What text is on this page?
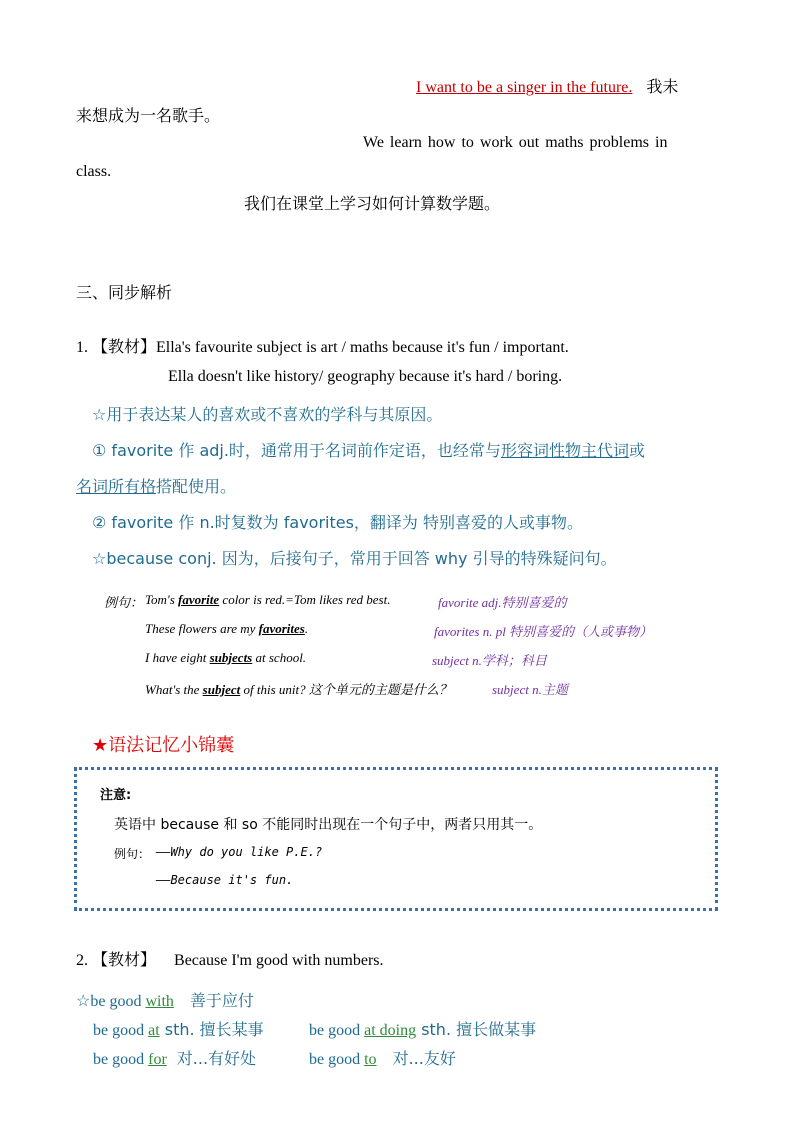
I want to be a singer in the future. 我未
来想成为一名歌手。
We learn how to work out maths problems in
class.
我们在课堂上学习如何计算数学题。
三、同步解析
1. 【教材】Ella's favourite subject is art / maths because it's fun / important.
Ella doesn't like history/ geography because it's hard / boring.
☆用于表达某人的喜欢或不喜欢的学科与其原因。
① favorite 作 adj.时，通常用于名词前作定语，也经常与形容词性物主代词或
名词所有格搭配使用。
② favorite 作 n.时复数为 favorites，翻译为 特别喜爱的人或事物。
☆because conj. 因为，后接句子，常用于回答 why 引导的特殊疑问句。
例句： Tom's favorite color is red.=Tom likes red best.	favorite adj.特别喜爱的
These flowers are my favorites.	favorites n. pl 特别喜爱的（人或事物）
I have eight subjects at school.	subject n.学科；科目
What's the subject of this unit? 这个单元的主题是什么？	subject n.主题
★语法记忆小锦囊
注意:
英语中 because 和 so 不能同时出现在一个句子中，两者只用其一。
例句： ——Why do you like P.E.?
——Because it's fun.
2. 【教材】 Because I'm good with numbers.
☆be good with 善于应付
be good at sth. 擅长某事	be good at doing sth. 擅长做某事
be good for 对...有好处	be good to 对...友好
